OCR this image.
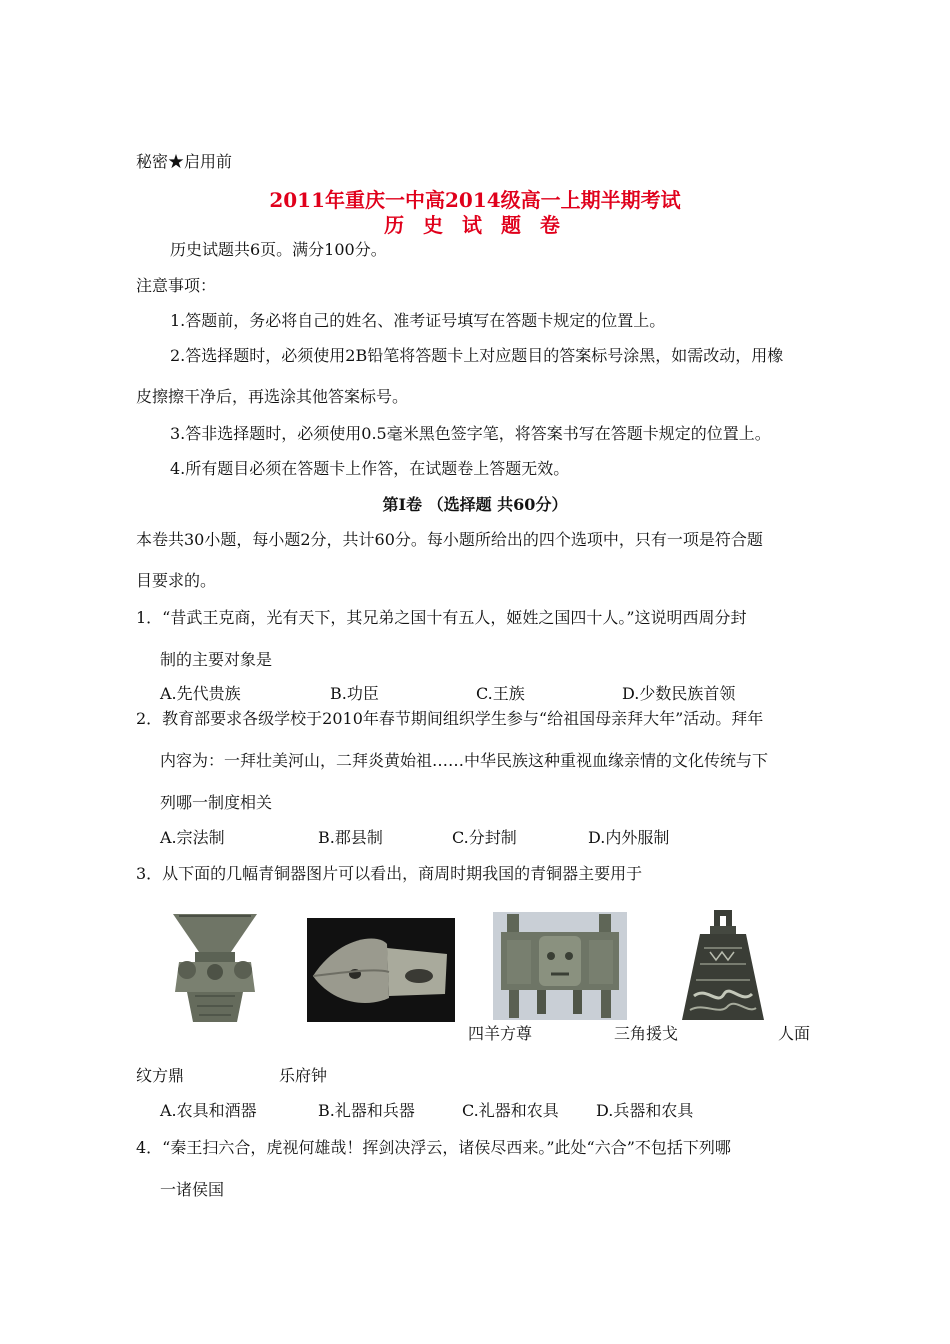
秘密★启用前
2011年重庆一中高2014级高一上期半期考试
历 史 试 题 卷
历史试题共6页。满分100分。
注意事项：
1.答题前，务必将自己的姓名、准考证号填写在答题卡规定的位置上。
2.答选择题时，必须使用2B铅笔将答题卡上对应题目的答案标号涂黑，如需改动，用橡
皮擦擦干净后，再选涂其他答案标号。
3.答非选择题时，必须使用0.5毫米黑色签字笔，将答案书写在答题卡规定的位置上。
4.所有题目必须在答题卡上作答，在试题卷上答题无效。
第Ⅰ卷 （选择题 共60分）
本卷共30小题，每小题2分，共计60分。每小题所给出的四个选项中，只有一项是符合题
目要求的。
1．“昔武王克商，光有天下，其兄弟之国十有五人，姬姓之国四十人。”这说明西周分封
制的主要对象是
A.先代贵族	B.功臣	C.王族	D.少数民族首领
2．教育部要求各级学校于2010年春节期间组织学生参与“给祖国母亲拜大年”活动。拜年
内容为：一拜壮美河山，二拜炎黄始祖……中华民族这种重视血缘亲情的文化传统与下
列哪一制度相关
A.宗法制	B.郡县制	C.分封制	D.内外服制
3．从下面的几幅青铜器图片可以看出，商周时期我国的青铜器主要用于
四羊方尊	三角援戈	人面
纹方鼎	乐府钟
A.农具和酒器	B.礼器和兵器	C.礼器和农具 D.兵器和农具
4．“秦王扫六合，虎视何雄哉！挥剑决浮云，诸侯尽西来。”此处“六合”不包括下列哪
一诸侯国
